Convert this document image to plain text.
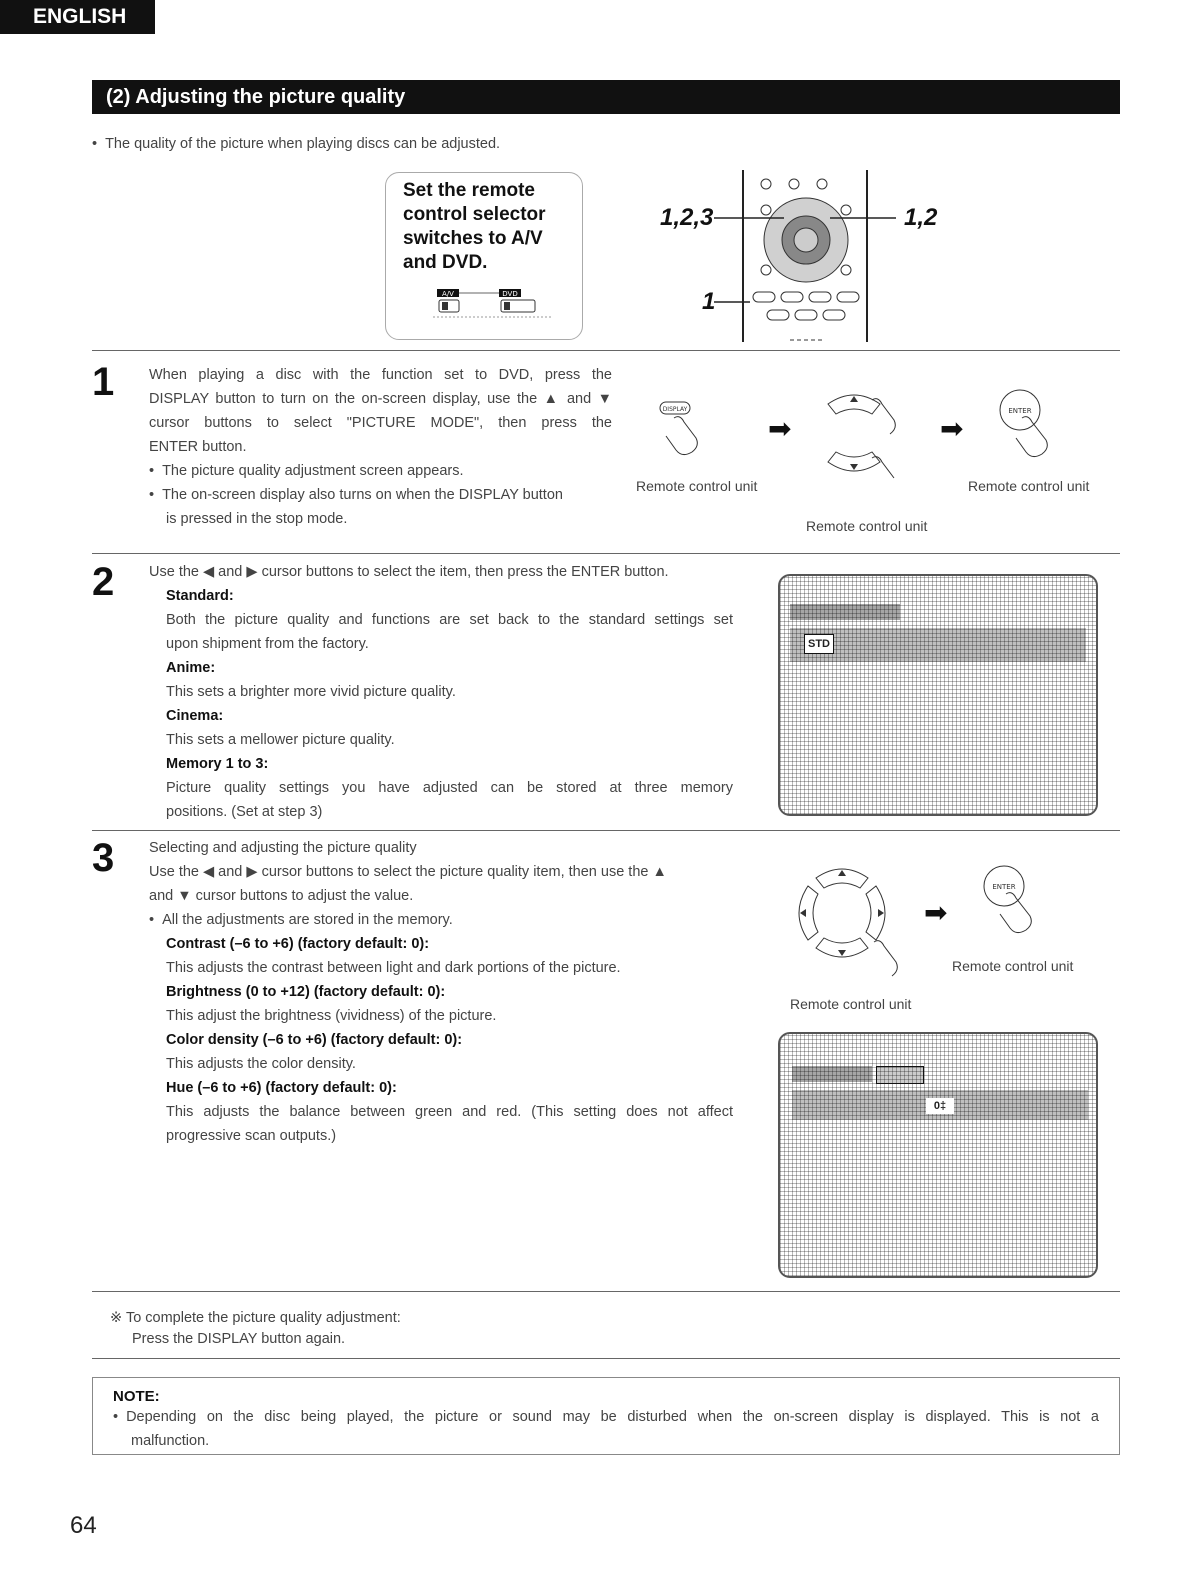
ENGLISH
(2) Adjusting the picture quality
• The quality of the picture when playing discs can be adjusted.
Set the remote
control selector
switches to A/V
and DVD.
A/V	DVD
1,2,3	1,2
1
1 When playing a disc with the function set to DVD, press the
DISPLAY button to turn on the on-screen display, use the ▲ and ▼
cursor buttons to select "PICTURE MODE", then press the
ENTER button.
• The picture quality adjustment screen appears.
• The on-screen display also turns on when the DISPLAY button
is pressed in the stop mode.
DISPLAY
➡	➡
ENTER
Remote control unit
Remote control unit
Remote control unit
2 Use the ◀ and ▶ cursor buttons to select the item, then press the ENTER button.
Standard:
Both the picture quality and functions are set back to the standard settings set
upon shipment from the factory.
Anime:
This sets a brighter more vivid picture quality.
Cinema:
This sets a mellower picture quality.
Memory 1 to 3:
Picture quality settings you have adjusted can be stored at three memory
positions. (Set at step 3)
STD
3 Selecting and adjusting the picture quality
Use the ◀ and ▶ cursor buttons to select the picture quality item, then use the ▲
and ▼ cursor buttons to adjust the value.
• All the adjustments are stored in the memory.
Contrast (–6 to +6) (factory default: 0):
This adjusts the contrast between light and dark portions of the picture.
Brightness (0 to +12) (factory default: 0):
This adjust the brightness (vividness) of the picture.
Color density (–6 to +6) (factory default: 0):
This adjusts the color density.
Hue (–6 to +6) (factory default: 0):
This adjusts the balance between green and red. (This setting does not affect
progressive scan outputs.)
➡
ENTER
Remote control unit
Remote control unit
0‡
※ To complete the picture quality adjustment:
Press the DISPLAY button again.
NOTE:
• Depending on the disc being played, the picture or sound may be disturbed when the on-screen display is displayed. This is not a
malfunction.
64
